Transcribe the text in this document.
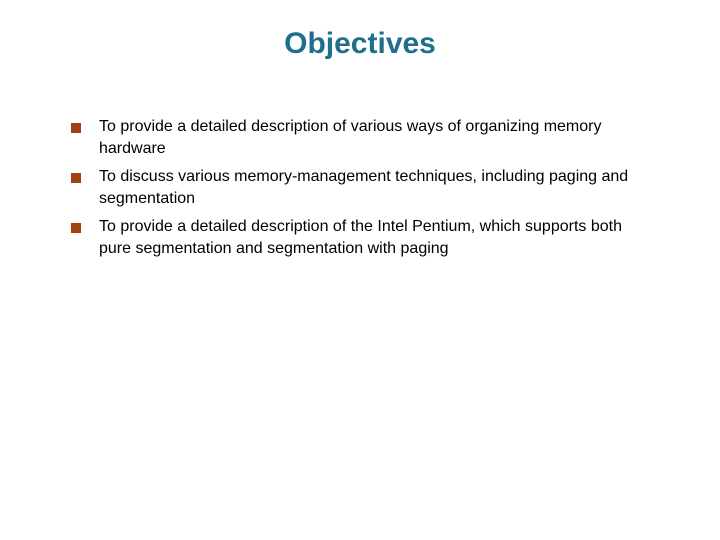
Objectives
To provide a detailed description of various ways of organizing memory hardware
To discuss various memory-management techniques, including paging and segmentation
To provide a detailed description of the Intel Pentium, which supports both pure segmentation and segmentation with paging
